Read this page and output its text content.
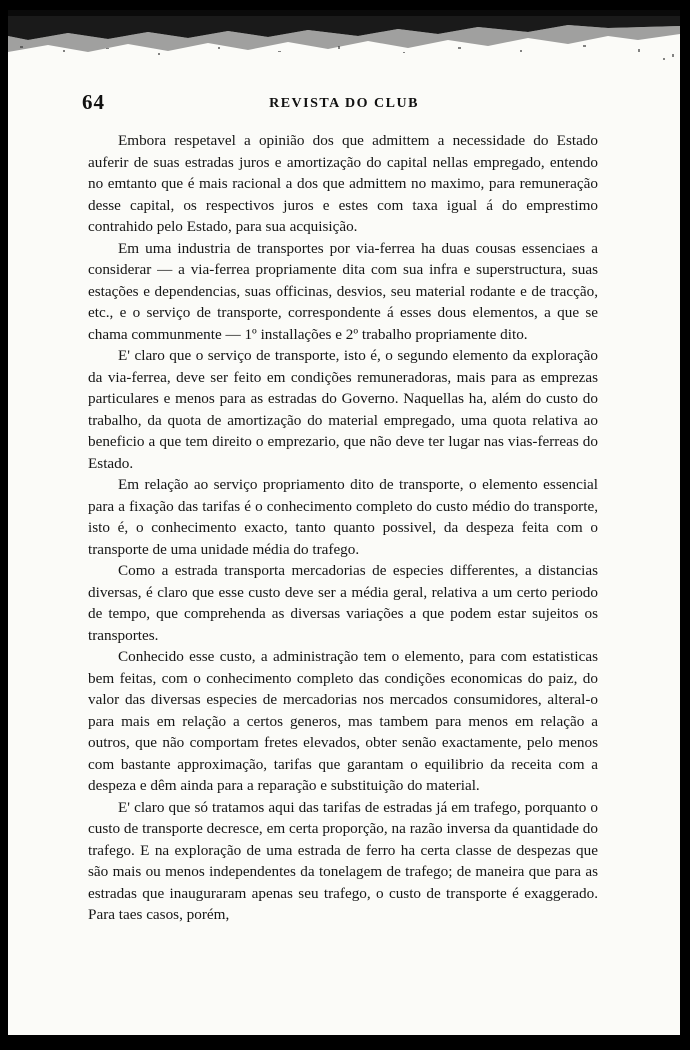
64	REVISTA DO CLUB

Embora respetavel a opinião dos que admittem a necessidade do Estado auferir de suas estradas juros e amortização do capital nellas empregado, entendo no emtanto que é mais racional a dos que admittem no maximo, para remuneração desse capital, os respectivos juros e estes com taxa igual á do emprestimo contrahido pelo Estado, para sua acquisição.

Em uma industria de transportes por via-ferrea ha duas cousas essenciaes a considerar — a via-ferrea propriamente dita com sua infra e superstructura, suas estações e dependencias, suas officinas, desvios, seu material rodante e de tracção, etc., e o serviço de transporte, correspondente á esses dous elementos, a que se chama communmente — 1º installações e 2º trabalho propriamente dito.

E' claro que o serviço de transporte, isto é, o segundo elemento da exploração da via-ferrea, deve ser feito em condições remuneradoras, mais para as emprezas particulares e menos para as estradas do Governo. Naquellas ha, além do custo do trabalho, da quota de amortização do material empregado, uma quota relativa ao beneficio a que tem direito o emprezario, que não deve ter lugar nas vias-ferreas do Estado.

Em relação ao serviço propriamento dito de transporte, o elemento essencial para a fixação das tarifas é o conhecimento completo do custo médio do transporte, isto é, o conhecimento exacto, tanto quanto possivel, da despeza feita com o transporte de uma unidade média do trafego.

Como a estrada transporta mercadorias de especies differentes, a distancias diversas, é claro que esse custo deve ser a média geral, relativa a um certo periodo de tempo, que comprehenda as diversas variações a que podem estar sujeitos os transportes.

Conhecido esse custo, a administração tem o elemento, para com estatisticas bem feitas, com o conhecimento completo das condições economicas do paiz, do valor das diversas especies de mercadorias nos mercados consumidores, alteral-o para mais em relação a certos generos, mas tambem para menos em relação a outros, que não comportam fretes elevados, obter senão exactamente, pelo menos com bastante approximação, tarifas que garantam o equilibrio da receita com a despeza e dêm ainda para a reparação e substituição do material.

E' claro que só tratamos aqui das tarifas de estradas já em trafego, porquanto o custo de transporte decresce, em certa proporção, na razão inversa da quantidade do trafego. E na exploração de uma estrada de ferro ha certa classe de despezas que são mais ou menos independentes da tonelagem de trafego; de maneira que para as estradas que inauguraram apenas seu trafego, o custo de transporte é exaggerado. Para taes casos, porém,
